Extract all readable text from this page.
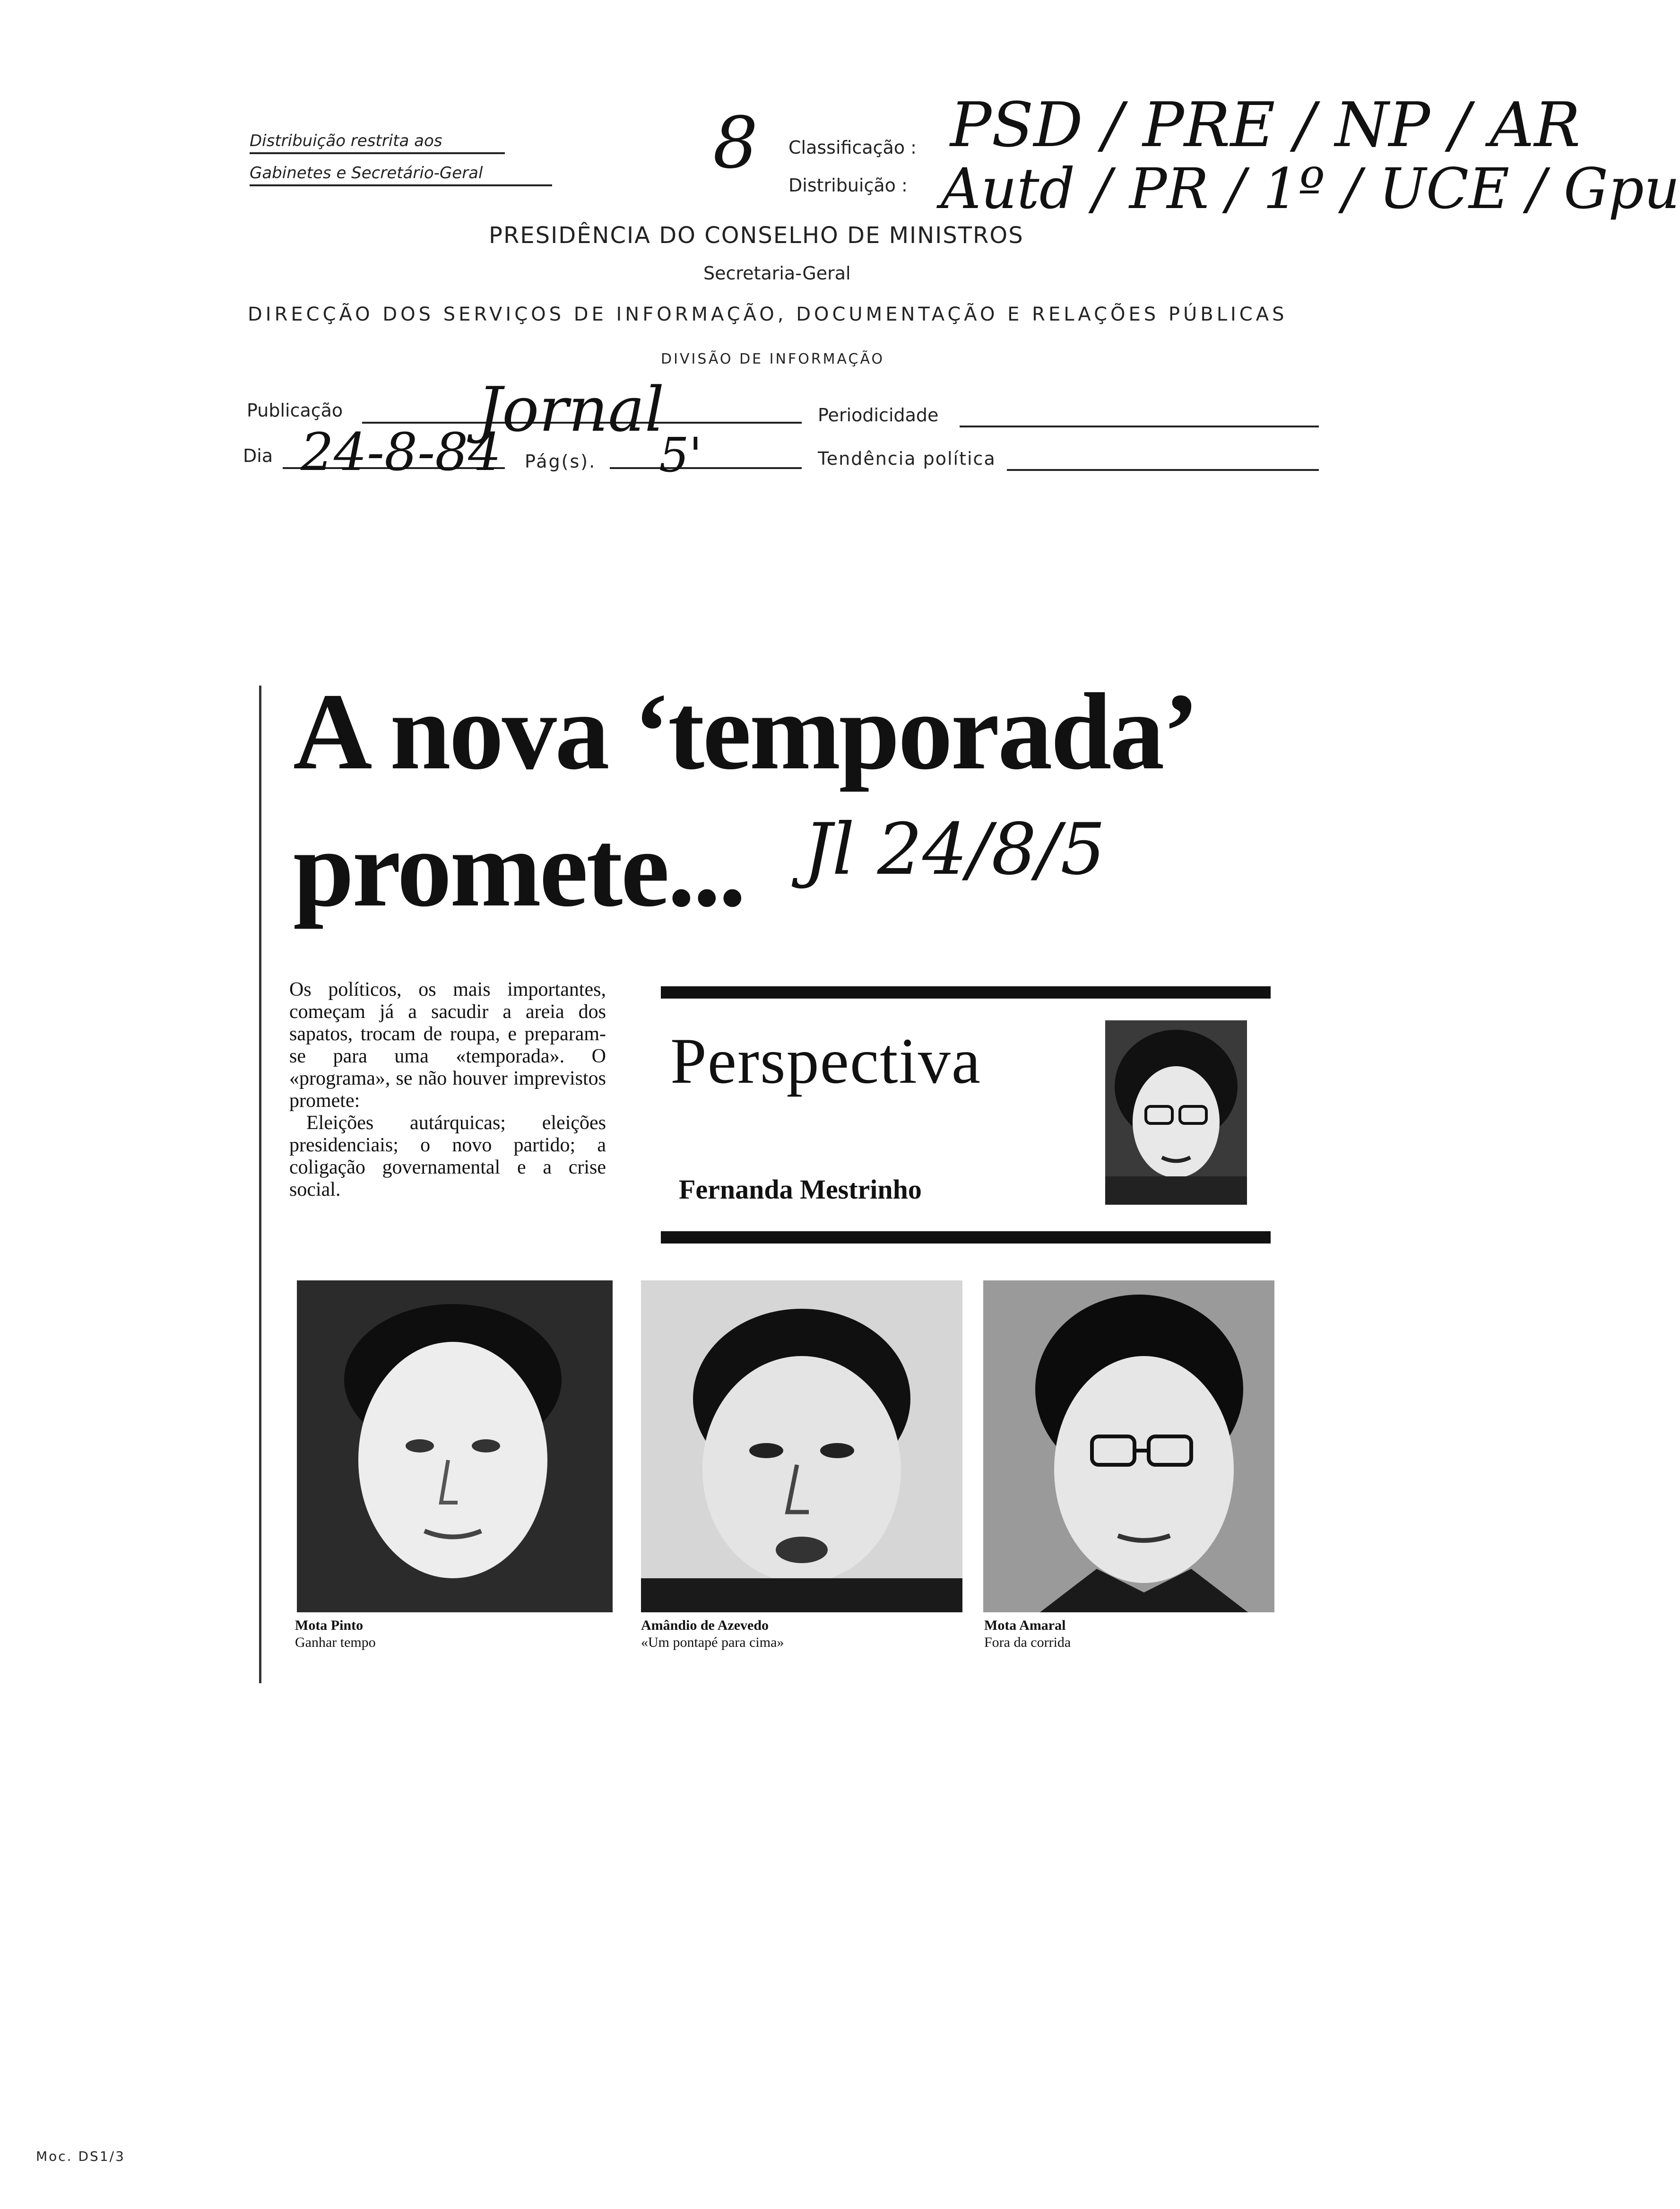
Distribuição restrita aos
Gabinetes e Secretário-Geral	8 Classificação : PSD / PRE / NP / AR
Distribuição : Autd / PR / 1º / UCE / Gpu
PRESIDÊNCIA DO CONSELHO DE MINISTROS
Secretaria-Geral
DIRECÇÃO DOS SERVIÇOS DE INFORMAÇÃO, DOCUMENTAÇÃO E RELAÇÕES PÚBLICAS
DIVISÃO DE INFORMAÇÃO
Publicação Jornal	Periodicidade
Dia 24-8-84 Pág(s). 5'	Tendência política
A nova ‘temporada’
promete... Jl 24/8/5
Os políticos, os mais importantes, começam já a sacudir a areia dos sapatos, trocam de roupa, e preparam-se para uma «temporada». O «programa», se não houver imprevistos promete:
Eleições autárquicas; eleições presidenciais; o novo partido; a coligação governamental e a crise social.
Perspectiva
Fernanda Mestrinho
Mota Pinto
Ganhar tempo
Amândio de Azevedo
«Um pontapé para cima»
Mota Amaral
Fora da corrida
Moc. DS1/3
